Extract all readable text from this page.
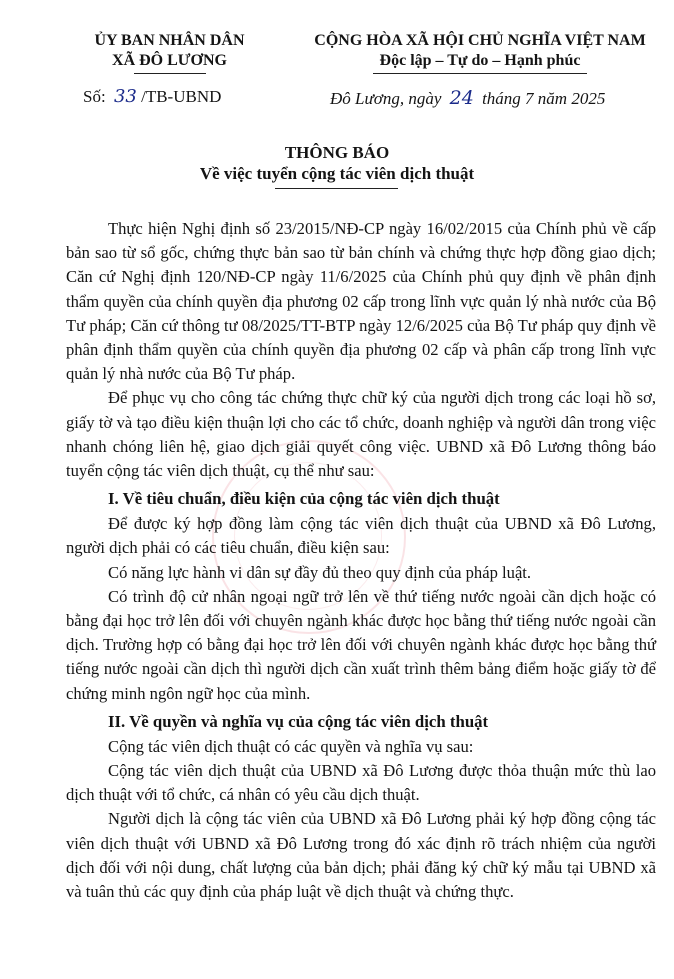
ỦY BAN NHÂN DÂN
XÃ ĐÔ LƯƠNG
CỘNG HÒA XÃ HỘI CHỦ NGHĨA VIỆT NAM
Độc lập – Tự do – Hạnh phúc
Số: 33 /TB-UBND	Đô Lương, ngày 24 tháng 7 năm 2025
THÔNG BÁO
Về việc tuyển cộng tác viên dịch thuật

Thực hiện Nghị định số 23/2015/NĐ-CP ngày 16/02/2015 của Chính phủ về cấp bản sao từ sổ gốc, chứng thực bản sao từ bản chính và chứng thực hợp đồng giao dịch; Căn cứ Nghị định 120/NĐ-CP ngày 11/6/2025 của Chính phủ quy định về phân định thẩm quyền của chính quyền địa phương 02 cấp trong lĩnh vực quản lý nhà nước của Bộ Tư pháp; Căn cứ thông tư 08/2025/TT-BTP ngày 12/6/2025 của Bộ Tư pháp quy định về phân định thẩm quyền của chính quyền địa phương 02 cấp và phân cấp trong lĩnh vực quản lý nhà nước của Bộ Tư pháp.

Để phục vụ cho công tác chứng thực chữ ký của người dịch trong các loại hồ sơ, giấy tờ và tạo điều kiện thuận lợi cho các tổ chức, doanh nghiệp và người dân trong việc nhanh chóng liên hệ, giao dịch giải quyết công việc. UBND xã Đô Lương thông báo tuyển cộng tác viên dịch thuật, cụ thể như sau:

I. Về tiêu chuẩn, điều kiện của cộng tác viên dịch thuật

Để được ký hợp đồng làm cộng tác viên dịch thuật của UBND xã Đô Lương, người dịch phải có các tiêu chuẩn, điều kiện sau:

Có năng lực hành vi dân sự đầy đủ theo quy định của pháp luật.

Có trình độ cử nhân ngoại ngữ trở lên về thứ tiếng nước ngoài cần dịch hoặc có bằng đại học trở lên đối với chuyên ngành khác được học bằng thứ tiếng nước ngoài cần dịch. Trường hợp có bằng đại học trở lên đối với chuyên ngành khác được học bằng thứ tiếng nước ngoài cần dịch thì người dịch cần xuất trình thêm bảng điểm hoặc giấy tờ để chứng minh ngôn ngữ học của mình.

II. Về quyền và nghĩa vụ của cộng tác viên dịch thuật

Cộng tác viên dịch thuật có các quyền và nghĩa vụ sau:

Cộng tác viên dịch thuật của UBND xã Đô Lương được thỏa thuận mức thù lao dịch thuật với tổ chức, cá nhân có yêu cầu dịch thuật.

Người dịch là cộng tác viên của UBND xã Đô Lương phải ký hợp đồng cộng tác viên dịch thuật với UBND xã Đô Lương trong đó xác định rõ trách nhiệm của người dịch đối với nội dung, chất lượng của bản dịch; phải đăng ký chữ ký mẫu tại UBND xã và tuân thủ các quy định của pháp luật về dịch thuật và chứng thực.
